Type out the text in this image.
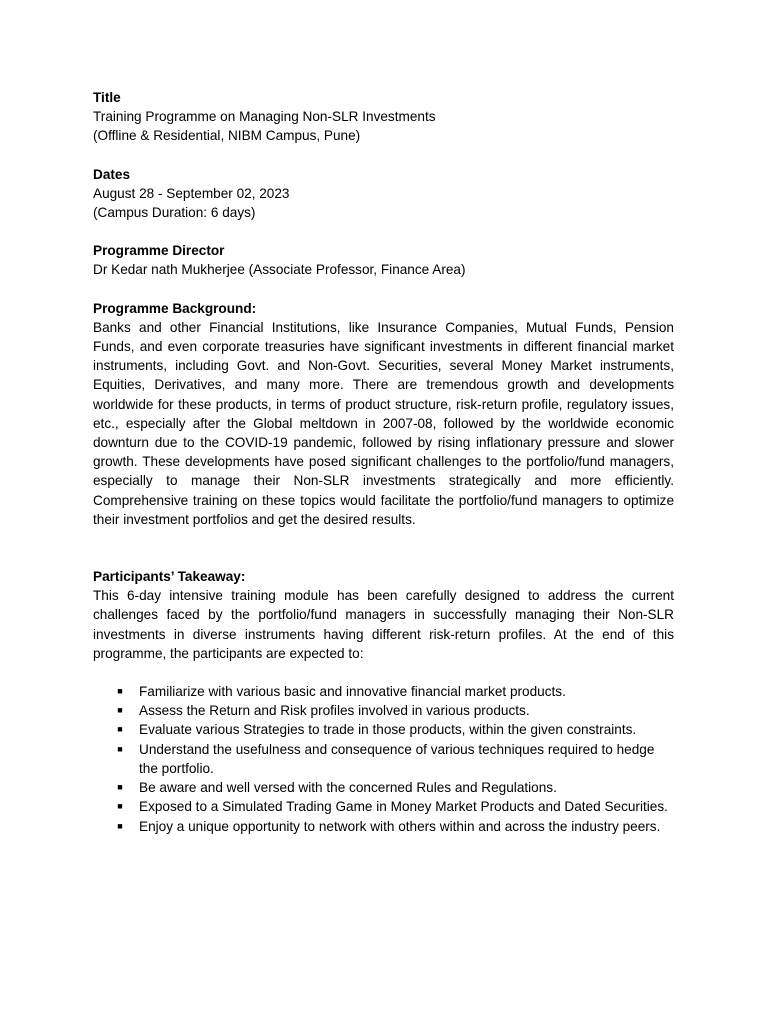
Title
Training Programme on Managing Non-SLR Investments
(Offline & Residential, NIBM Campus, Pune)
Dates
August 28 - September 02, 2023
(Campus Duration: 6 days)
Programme Director
Dr Kedar nath Mukherjee (Associate Professor, Finance Area)
Programme Background:

Banks and other Financial Institutions, like Insurance Companies, Mutual Funds, Pension Funds, and even corporate treasuries have significant investments in different financial market instruments, including Govt. and Non-Govt. Securities, several Money Market instruments, Equities, Derivatives, and many more. There are tremendous growth and developments worldwide for these products, in terms of product structure, risk-return profile, regulatory issues, etc., especially after the Global meltdown in 2007-08, followed by the worldwide economic downturn due to the COVID-19 pandemic, followed by rising inflationary pressure and slower growth. These developments have posed significant challenges to the portfolio/fund managers, especially to manage their Non-SLR investments strategically and more efficiently. Comprehensive training on these topics would facilitate the portfolio/fund managers to optimize their investment portfolios and get the desired results.

Participants’ Takeaway:

This 6-day intensive training module has been carefully designed to address the current challenges faced by the portfolio/fund managers in successfully managing their Non-SLR investments in diverse instruments having different risk-return profiles. At the end of this programme, the participants are expected to:

■ Familiarize with various basic and innovative financial market products.
■ Assess the Return and Risk profiles involved in various products.
■ Evaluate various Strategies to trade in those products, within the given constraints.
■ Understand the usefulness and consequence of various techniques required to hedge the portfolio.
■ Be aware and well versed with the concerned Rules and Regulations.
■ Exposed to a Simulated Trading Game in Money Market Products and Dated Securities.
■ Enjoy a unique opportunity to network with others within and across the industry peers.
